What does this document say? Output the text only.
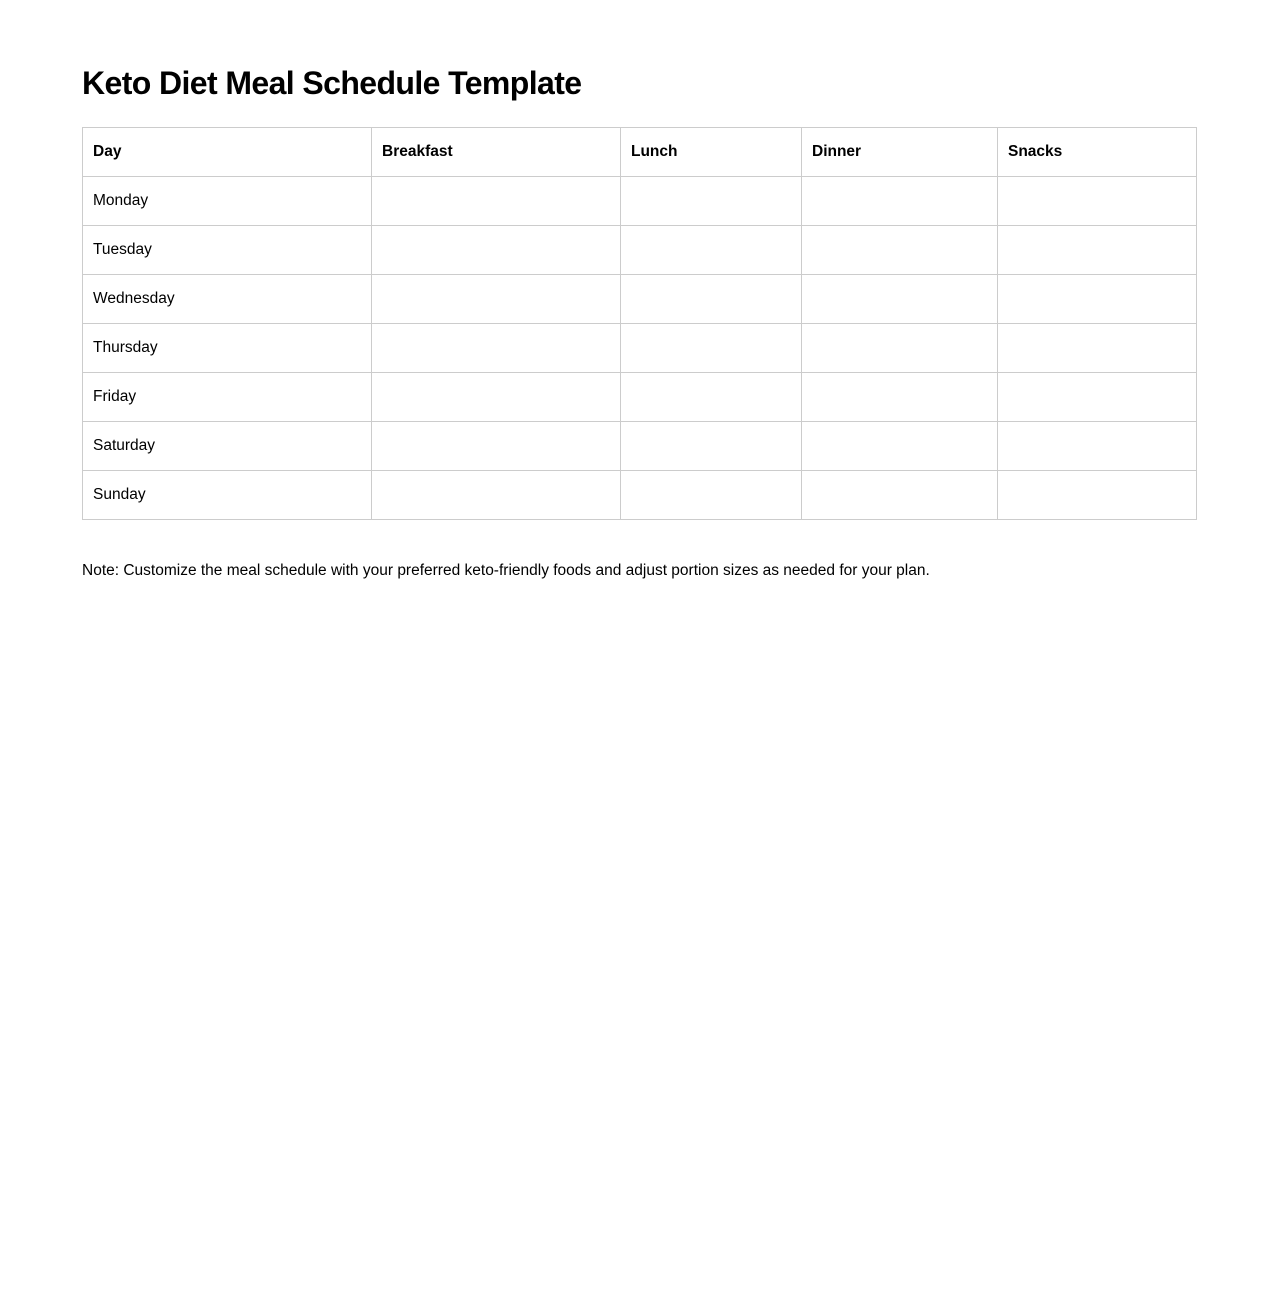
Keto Diet Meal Schedule Template
Day	Breakfast	Lunch	Dinner	Snacks
Monday				
Tuesday				
Wednesday				
Thursday				
Friday				
Saturday				
Sunday				

Note: Customize the meal schedule with your preferred keto-friendly foods and adjust portion sizes as needed for your plan.
